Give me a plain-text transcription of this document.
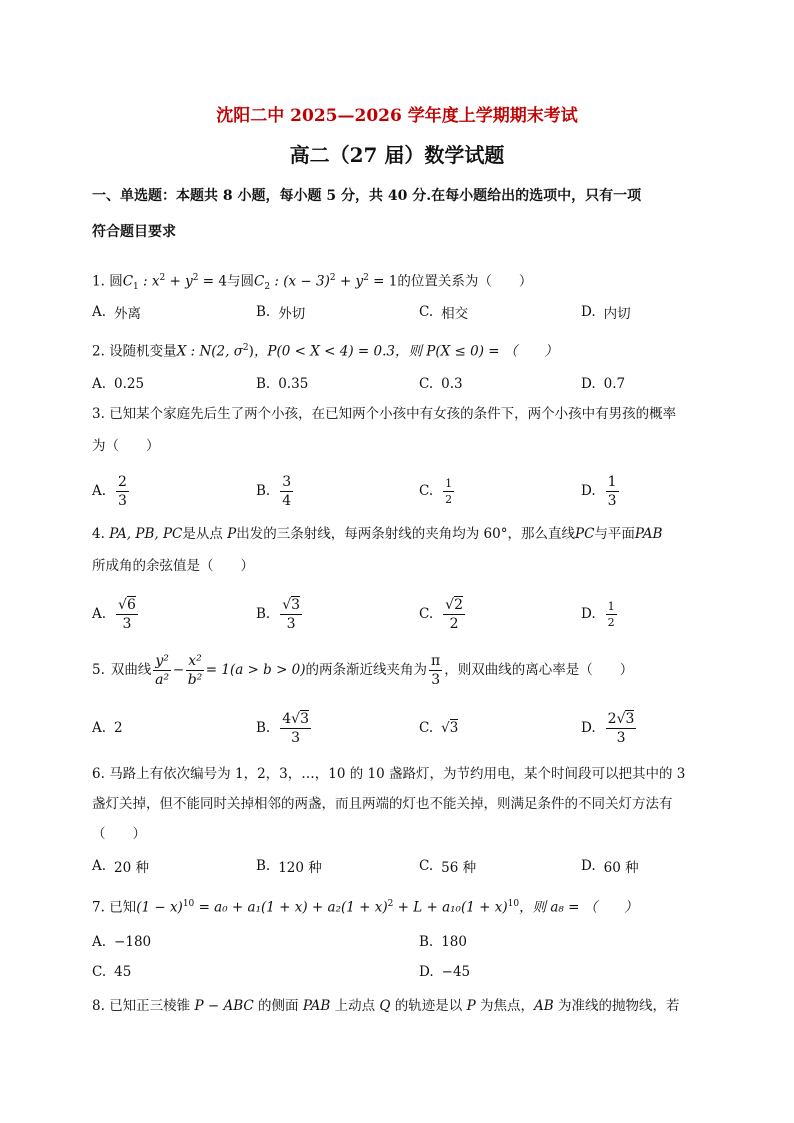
沈阳二中 2025—2026 学年度上学期期末考试
高二（27 届）数学试题
一、单选题：本题共 8 小题，每小题 5 分，共 40 分.在每小题给出的选项中，只有一项
符合题目要求
1. 圆$C_1$ : $x^2 + y^2 = 4$与圆$C_2$ : $(x - 3)^2 + y^2 = 1$的位置关系为（　　）
A. 外离	B. 外切	C. 相交	D. 内切
2. 设随机变量X : N(2, $\sigma^2$)，P(0 < X < 4) = 0.3，则 P(X ≤ 0) = （　　）
A. 0.25	B. 0.35	C. 0.3	D. 0.7
3. 已知某个家庭先后生了两个小孩，在已知两个小孩中有女孩的条件下，两个小孩中有男孩的概率
为（　　）
A. $\frac{2}{3}$	B. $\frac{3}{4}$	C. $\frac{1}{2}$	D. $\frac{1}{3}$
4. PA, PB, PC是从点 P出发的三条射线，每两条射线的夹角均为 60°，那么直线PC与平面PAB
所成角的余弦值是（　　）
A. $\frac{√6}{3}$	B. $\frac{√3}{3}$	C. $\frac{√2}{2}$	D. $\frac{1}{2}$
5. 双曲线 $\frac{\text{y²}}{\text{a²}} - \frac{\text{x²}}{\text{b²}} = 1(a > b > 0)$ 的两条渐近线夹角为 $\frac{\pi}{3}$ ，则双曲线的离心率是（　　）
A. 2	B. $\frac{4√3}{3}$	C. √3	D. $\frac{2√3}{3}$
6. 马路上有依次编号为 1，2，3，…，10 的 10 盏路灯，为节约用电，某个时间段可以把其中的 3
盏灯关掉，但不能同时关掉相邻的两盏，而且两端的灯也不能关掉，则满足条件的不同关灯方法有
（　　）
A. 20 种	B. 120 种	C. 56 种	D. 60 种
7. 已知$(1 - x)^{10} = a_0 + a_1(1 + x) + a_2(1 + x)^2 + L + a_{10}(1 + x)^{10}$，则 a₈ = （　　）
A. −180	B. 180
C. 45	D. −45
8. 已知正三棱锥 P − ABC 的侧面 PAB 上动点 Q 的轨迹是以 P 为焦点，AB 为准线的抛物线，若
